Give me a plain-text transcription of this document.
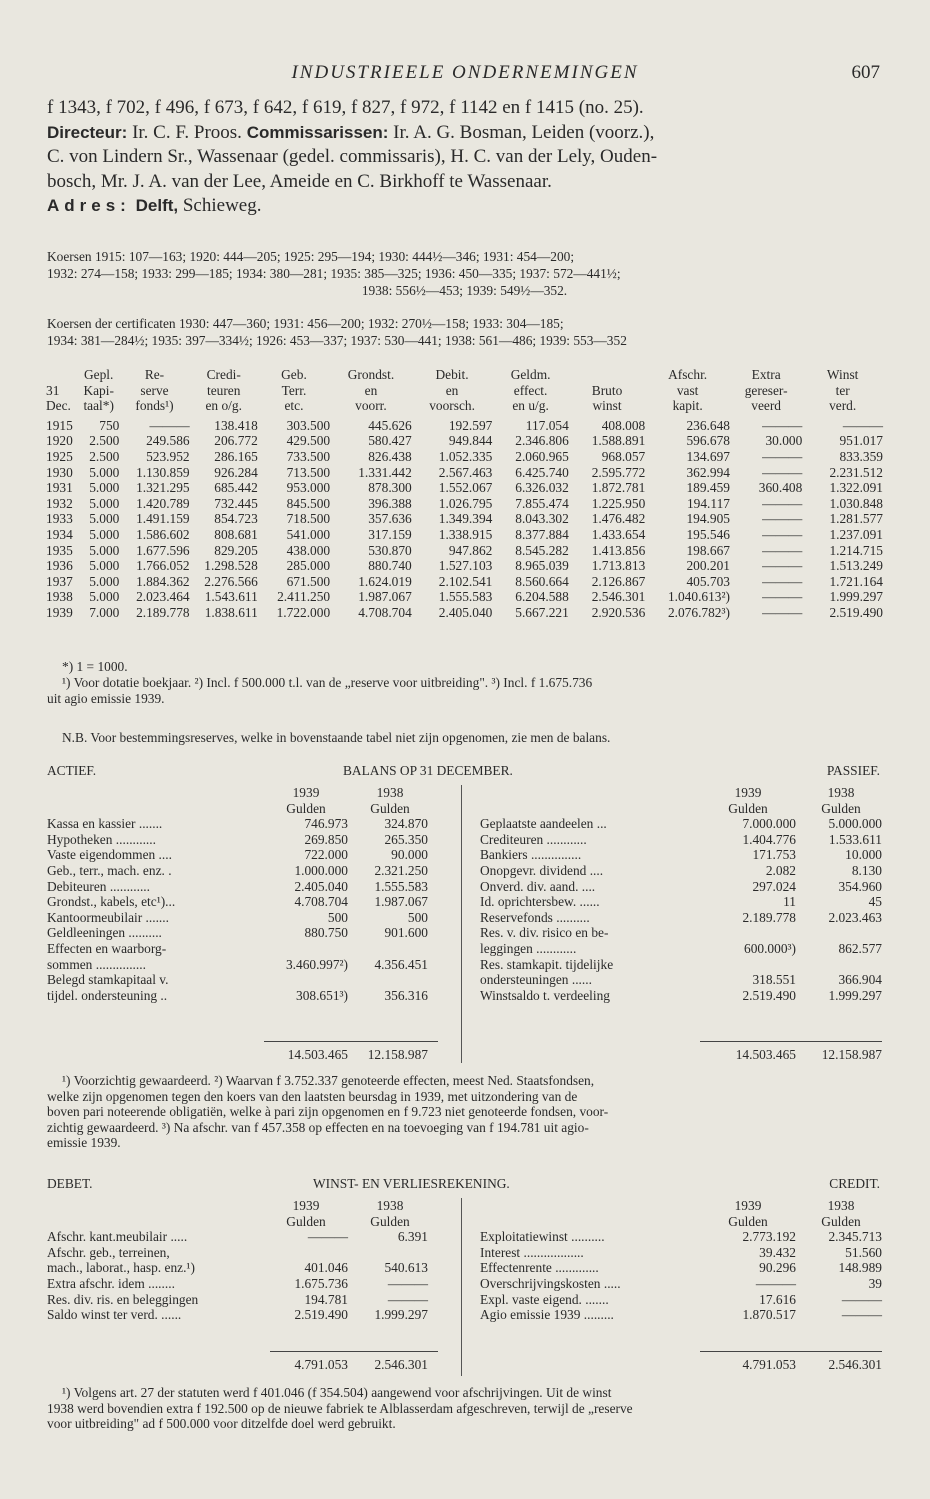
INDUSTRIEELE ONDERNEMINGEN	607

f 1343, f 702, f 496, f 673, f 642, f 619, f 827, f 972, f 1142 en f 1415 (no. 25).

Directeur: Ir. C. F. Proos. Commissarissen: Ir. A. G. Bosman, Leiden (voorz.),

C. von Lindern Sr., Wassenaar (gedel. commissaris), H. C. van der Lely, Ouden-

bosch, Mr. J. A. van der Lee, Ameide en C. Birkhoff te Wassenaar.

Adres: Delft, Schieweg.

Koersen 1915: 107—163; 1920: 444—205; 1925: 295—194; 1930: 444½—346; 1931: 454—200;
1932: 274—158; 1933: 299—185; 1934: 380—281; 1935: 385—325; 1936: 450—335; 1937: 572—441½;
1938: 556½—453; 1939: 549½—352.
Koersen der certificaten 1930: 447—360; 1931: 456—200; 1932: 270½—158; 1933: 304—185;
1934: 381—284½; 1935: 397—334½; 1926: 453—337; 1937: 530—441; 1938: 561—486; 1939: 553—352
	Gepl.	Re-	Credi-	Geb.	Grondst.	Debit.	Geldm.		Afschr.	Extra	Winst
31	Kapi-	serve	teuren	Terr.	en	en	effect.	Bruto	vast	gereser-	ter
Dec.	taal*)	fonds¹)	en o/g.	etc.	voorr.	voorsch.	en u/g.	winst	kapit.	veerd	verd.
1915	750	———	138.418	303.500	445.626	192.597	117.054	408.008	236.648	———	———
1920	2.500	249.586	206.772	429.500	580.427	949.844	2.346.806	1.588.891	596.678	30.000	951.017
1925	2.500	523.952	286.165	733.500	826.438	1.052.335	2.060.965	968.057	134.697	———	833.359
1930	5.000	1.130.859	926.284	713.500	1.331.442	2.567.463	6.425.740	2.595.772	362.994	———	2.231.512
1931	5.000	1.321.295	685.442	953.000	878.300	1.552.067	6.326.032	1.872.781	189.459	360.408	1.322.091
1932	5.000	1.420.789	732.445	845.500	396.388	1.026.795	7.855.474	1.225.950	194.117	———	1.030.848
1933	5.000	1.491.159	854.723	718.500	357.636	1.349.394	8.043.302	1.476.482	194.905	———	1.281.577
1934	5.000	1.586.602	808.681	541.000	317.159	1.338.915	8.377.884	1.433.654	195.546	———	1.237.091
1935	5.000	1.677.596	829.205	438.000	530.870	947.862	8.545.282	1.413.856	198.667	———	1.214.715
1936	5.000	1.766.052	1.298.528	285.000	880.740	1.527.103	8.965.039	1.713.813	200.201	———	1.513.249
1937	5.000	1.884.362	2.276.566	671.500	1.624.019	2.102.541	8.560.664	2.126.867	405.703	———	1.721.164
1938	5.000	2.023.464	1.543.611	2.411.250	1.987.067	1.555.583	6.204.588	2.546.301	1.040.613²)	———	1.999.297
1939	7.000	2.189.778	1.838.611	1.722.000	4.708.704	2.405.040	5.667.221	2.920.536	2.076.782³)	———	2.519.490
*) 1 = 1000.
¹) Voor dotatie boekjaar. ²) Incl. f 500.000 t.l. van de „reserve voor uitbreiding". ³) Incl. f 1.675.736
uit agio emissie 1939.
N.B. Voor bestemmingsreserves, welke in bovenstaande tabel niet zijn opgenomen, zie men de balans.
ACTIEF.	BALANS OP 31 DECEMBER.	PASSIEF.
1939	1938
Gulden	Gulden
Kassa en kassier .......	746.973	324.870
Hypotheken ............	269.850	265.350
Vaste eigendommen ....	722.000	90.000
Geb., terr., mach. enz. .	1.000.000	2.321.250
Debiteuren ............	2.405.040	1.555.583
Grondst., kabels, etc¹)...	4.708.704	1.987.067
Kantoormeubilair .......	500	500
Geldleeningen ..........	880.750	901.600
Effecten en waarborg-
sommen ...............	3.460.997²)	4.356.451
Belegd stamkapitaal v.
tijdel. ondersteuning ..	308.651³)	356.316
1939	1938
Gulden	Gulden
Geplaatste aandeelen ...	7.000.000	5.000.000
Crediteuren ............	1.404.776	1.533.611
Bankiers ...............	171.753	10.000
Onopgevr. dividend ....	2.082	8.130
Onverd. div. aand. ....	297.024	354.960
Id. oprichtersbew. ......	11	45
Reservefonds ..........	2.189.778	2.023.463
Res. v. div. risico en be-
leggingen ............	600.000³)	862.577
Res. stamkapit. tijdelijke
ondersteuningen ......	318.551	366.904
Winstsaldo t. verdeeling	2.519.490	1.999.297
14.503.465	12.158.987	14.503.465	12.158.987
¹) Voorzichtig gewaardeerd. ²) Waarvan f 3.752.337 genoteerde effecten, meest Ned. Staatsfondsen,
welke zijn opgenomen tegen den koers van den laatsten beursdag in 1939, met uitzondering van de
boven pari noteerende obligatiën, welke à pari zijn opgenomen en f 9.723 niet genoteerde fondsen, voor-
zichtig gewaardeerd. ³) Na afschr. van f 457.358 op effecten en na toevoeging van f 194.781 uit agio-
emissie 1939.
DEBET.	WINST- EN VERLIESREKENING.	CREDIT.
1939	1938
Gulden	Gulden
Afschr. kant.meubilair .....	———	6.391
Afschr. geb., terreinen,
mach., laborat., hasp. enz.¹)	401.046	540.613
Extra afschr. idem ........	1.675.736	———
Res. div. ris. en beleggingen	194.781	———
Saldo winst ter verd. ......	2.519.490	1.999.297
1939	1938
Gulden	Gulden
Exploitatiewinst ..........	2.773.192	2.345.713
Interest ..................	39.432	51.560
Effectenrente .............	90.296	148.989
Overschrijvingskosten .....	———	39
Expl. vaste eigend. .......	17.616	———
Agio emissie 1939 .........	1.870.517	———
4.791.053	2.546.301	4.791.053	2.546.301
¹) Volgens art. 27 der statuten werd f 401.046 (f 354.504) aangewend voor afschrijvingen. Uit de winst
1938 werd bovendien extra f 192.500 op de nieuwe fabriek te Alblasserdam afgeschreven, terwijl de „reserve
voor uitbreiding" ad f 500.000 voor ditzelfde doel werd gebruikt.
